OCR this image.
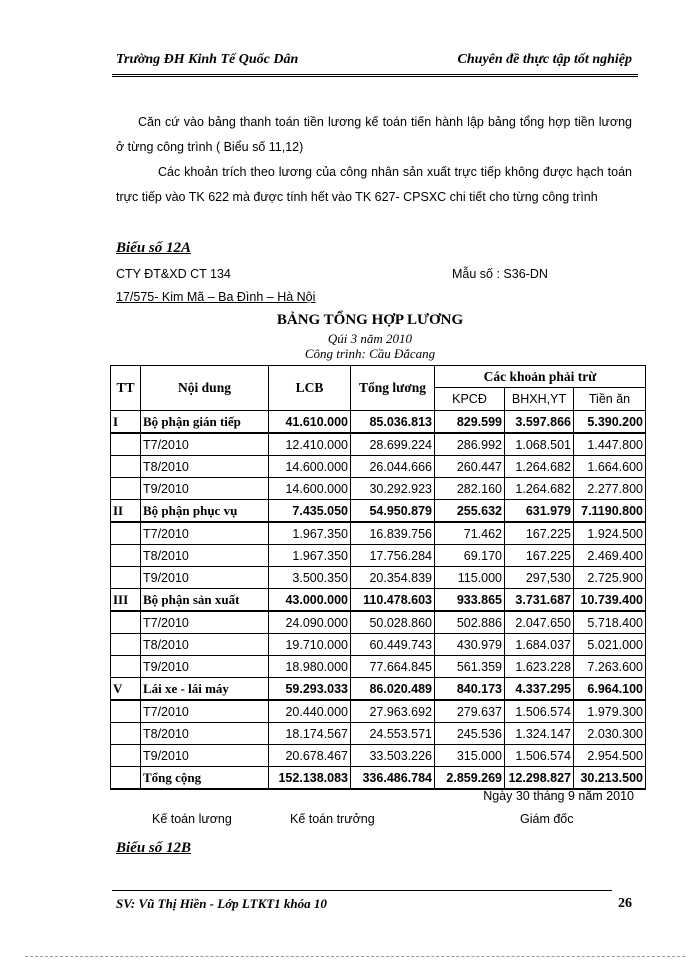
Trường ĐH Kinh Tế Quốc Dân	Chuyên đề thực tập tốt nghiệp
Căn cứ vào bảng thanh toán tiền lương kế toán tiến hành lập bảng tổng hợp tiền lương ở từng công trình ( Biểu số 11,12)
Các khoản trích theo lương của công nhân sản xuất trực tiếp không được hạch toán trực tiếp vào TK 622 mà được tính hết vào TK 627- CPSXC chi tiết cho từng công trình
Biểu số 12A
CTY ĐT&XD CT 134	Mẫu số : S36-DN
17/575- Kim Mã – Ba Đình – Hà Nội
BẢNG TỔNG HỢP LƯƠNG
Qúi 3 năm 2010
Công trình: Cầu Đắcang
TT	Nội dung	LCB	Tổng lương	Các khoản phải trừ		
				KPCĐ	BHXH,YT	Tiền ăn
I	Bộ phận gián tiếp	41.610.000	85.036.813	829.599	3.597.866	5.390.200
	T7/2010	12.410.000	28.699.224	286.992	1.068.501	1.447.800
	T8/2010	14.600.000	26.044.666	260.447	1.264.682	1.664.600
	T9/2010	14.600.000	30.292.923	282.160	1.264.682	2.277.800
II	Bộ phận phục vụ	7.435.050	54.950.879	255.632	631.979	7.1190.800
	T7/2010	1.967.350	16.839.756	71.462	167.225	1.924.500
	T8/2010	1.967.350	17.756.284	69.170	167.225	2.469.400
	T9/2010	3.500.350	20.354.839	115.000	297,530	2.725.900
III	Bộ phận sản xuất	43.000.000	110.478.603	933.865	3.731.687	10.739.400
	T7/2010	24.090.000	50.028.860	502.886	2.047.650	5.718.400
	T8/2010	19.710.000	60.449.743	430.979	1.684.037	5.021.000
	T9/2010	18.980.000	77.664.845	561.359	1.623.228	7.263.600
V	Lái xe - lái máy	59.293.033	86.020.489	840.173	4.337.295	6.964.100
	T7/2010	20.440.000	27.963.692	279.637	1.506.574	1.979.300
	T8/2010	18.174.567	24.553.571	245.536	1.324.147	2.030.300
	T9/2010	20.678.467	33.503.226	315.000	1.506.574	2.954.500
	Tổng cộng	152.138.083	336.486.784	2.859.269	12.298.827	30.213.500
Ngày 30 tháng 9 năm 2010
Kế toán lương	Kế toán trưởng	Giám đốc
Biểu số 12B
SV: Vũ Thị Hiền - Lớp LTKT1 khóa 10	26
